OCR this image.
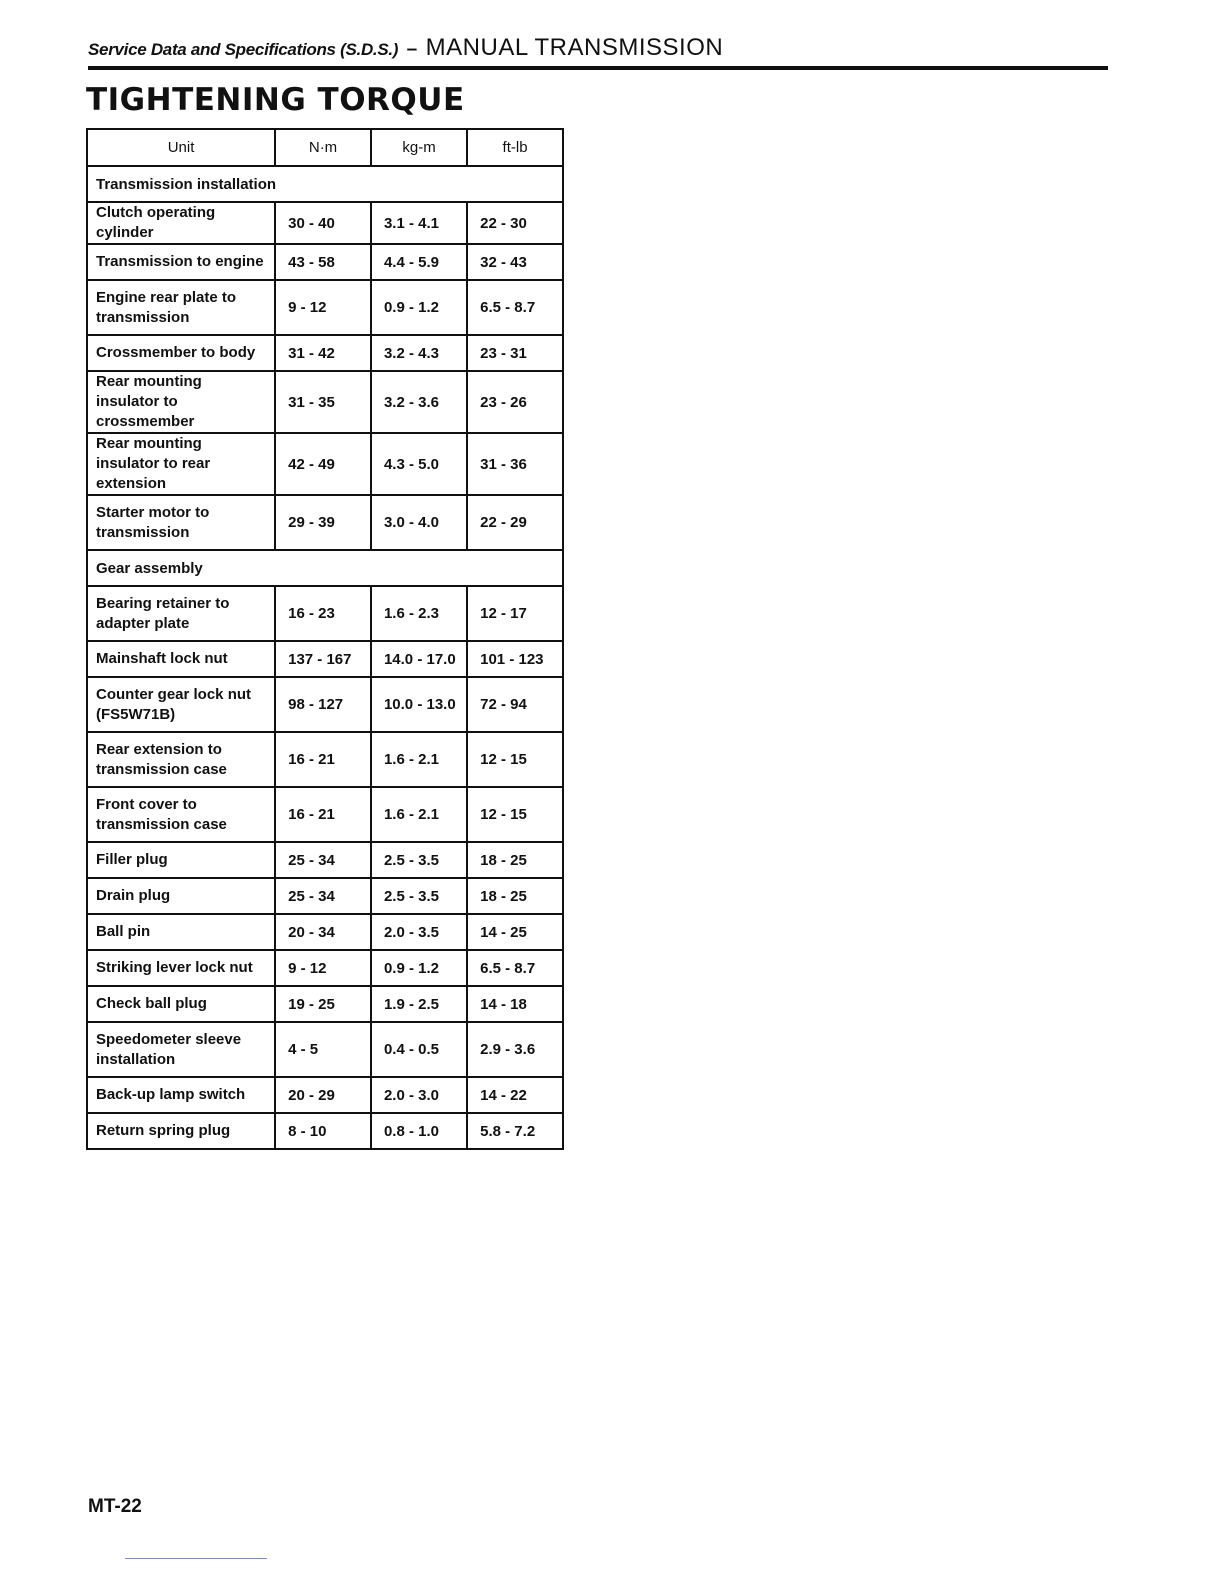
Service Data and Specifications (S.D.S.) – MANUAL TRANSMISSION
TIGHTENING TORQUE
Unit	N·m	kg-m	ft-lb
Transmission installation			
Clutch operating cylinder	30 - 40	3.1 - 4.1	22 - 30
Transmission to engine	43 - 58	4.4 - 5.9	32 - 43
Engine rear plate to transmission	9 - 12	0.9 - 1.2	6.5 - 8.7
Crossmember to body	31 - 42	3.2 - 4.3	23 - 31
Rear mounting insulator to crossmember	31 - 35	3.2 - 3.6	23 - 26
Rear mounting insulator to rear extension	42 - 49	4.3 - 5.0	31 - 36
Starter motor to transmission	29 - 39	3.0 - 4.0	22 - 29
Gear assembly			
Bearing retainer to adapter plate	16 - 23	1.6 - 2.3	12 - 17
Mainshaft lock nut	137 - 167	14.0 - 17.0	101 - 123
Counter gear lock nut (FS5W71B)	98 - 127	10.0 - 13.0	72 - 94
Rear extension to transmission case	16 - 21	1.6 - 2.1	12 - 15
Front cover to transmission case	16 - 21	1.6 - 2.1	12 - 15
Filler plug	25 - 34	2.5 - 3.5	18 - 25
Drain plug	25 - 34	2.5 - 3.5	18 - 25
Ball pin	20 - 34	2.0 - 3.5	14 - 25
Striking lever lock nut	9 - 12	0.9 - 1.2	6.5 - 8.7
Check ball plug	19 - 25	1.9 - 2.5	14 - 18
Speedometer sleeve installation	4 - 5	0.4 - 0.5	2.9 - 3.6
Back-up lamp switch	20 - 29	2.0 - 3.0	14 - 22
Return spring plug	8 - 10	0.8 - 1.0	5.8 - 7.2
MT-22
